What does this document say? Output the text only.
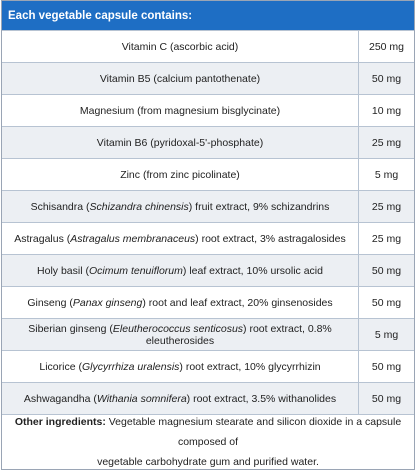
Each vegetable capsule contains:
Vitamin C (ascorbic acid)	250 mg
Vitamin B5 (calcium pantothenate)	50 mg
Magnesium (from magnesium bisglycinate)	10 mg
Vitamin B6 (pyridoxal-5'-phosphate)	25 mg
Zinc (from zinc picolinate)	5 mg
Schisandra (Schizandra chinensis) fruit extract, 9% schizandrins	25 mg
Astragalus (Astragalus membranaceus) root extract, 3% astragalosides	25 mg
Holy basil (Ocimum tenuiflorum) leaf extract, 10% ursolic acid	50 mg
Ginseng (Panax ginseng) root and leaf extract, 20% ginsenosides	50 mg
Siberian ginseng (Eleutherococcus senticosus) root extract, 0.8% eleutherosides	5 mg
Licorice (Glycyrrhiza uralensis) root extract, 10% glycyrrhizin	50 mg
Ashwagandha (Withania somnifera) root extract, 3.5% withanolides	50 mg
Other ingredients: Vegetable magnesium stearate and silicon dioxide in a capsule composed of
vegetable carbohydrate gum and purified water.
